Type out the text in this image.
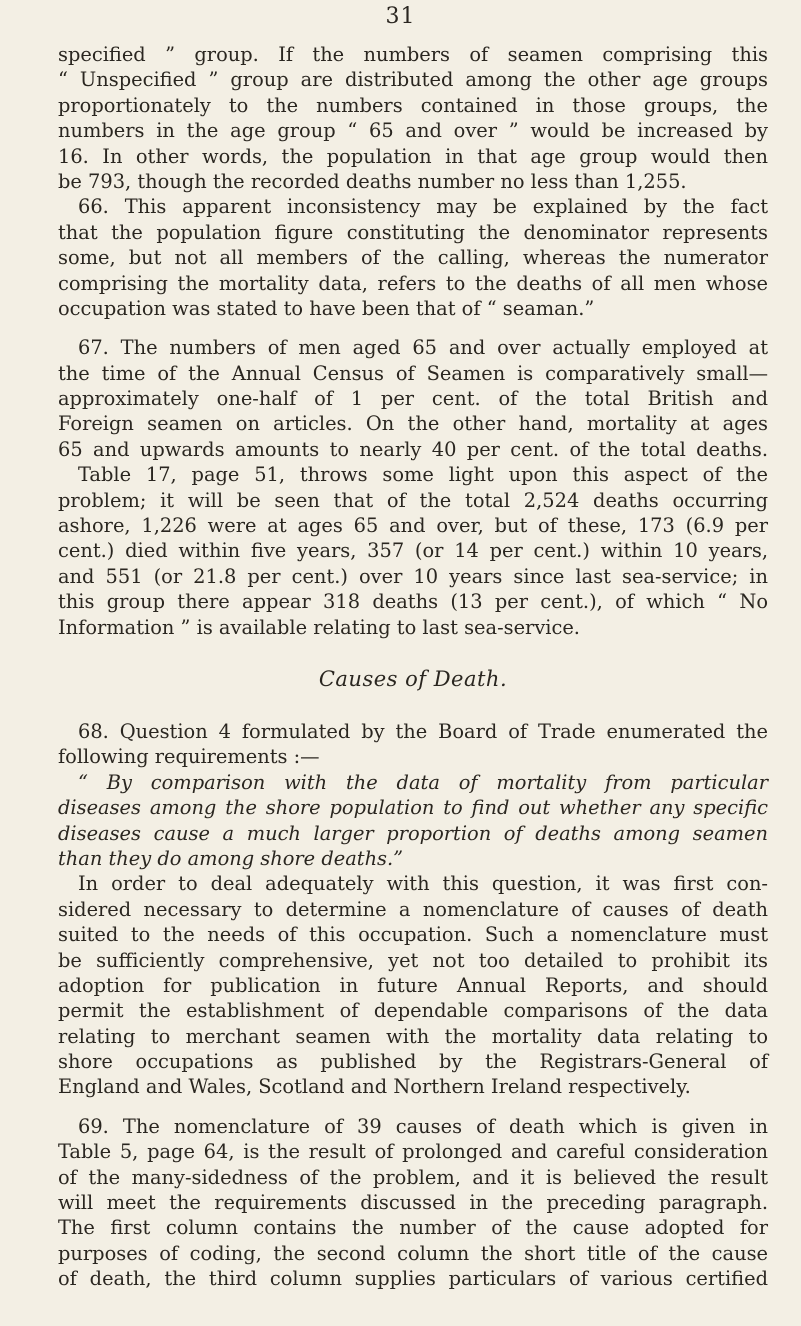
31
specified ” group. If the numbers of seamen comprising this
“ Unspecified ” group are distributed among the other age groups
proportionately to the numbers contained in those groups, the
numbers in the age group “ 65 and over ” would be increased by
16. In other words, the population in that age group would then
be 793, though the recorded deaths number no less than 1,255.
66. This apparent inconsistency may be explained by the fact
that the population figure constituting the denominator represents
some, but not all members of the calling, whereas the numerator
comprising the mortality data, refers to the deaths of all men whose
occupation was stated to have been that of “ seaman.”
67. The numbers of men aged 65 and over actually employed at
the time of the Annual Census of Seamen is comparatively small—
approximately one-half of 1 per cent. of the total British and
Foreign seamen on articles. On the other hand, mortality at ages
65 and upwards amounts to nearly 40 per cent. of the total deaths.
Table 17, page 51, throws some light upon this aspect of the
problem; it will be seen that of the total 2,524 deaths occurring
ashore, 1,226 were at ages 65 and over, but of these, 173 (6.9 per
cent.) died within five years, 357 (or 14 per cent.) within 10 years,
and 551 (or 21.8 per cent.) over 10 years since last sea-service; in
this group there appear 318 deaths (13 per cent.), of which “ No
Information ” is available relating to last sea-service.
Causes of Death.
68. Question 4 formulated by the Board of Trade enumerated the
following requirements :—
“ By comparison with the data of mortality from particular
diseases among the shore population to find out whether any specific
diseases cause a much larger proportion of deaths among seamen
than they do among shore deaths.”
In order to deal adequately with this question, it was first con-
sidered necessary to determine a nomenclature of causes of death
suited to the needs of this occupation. Such a nomenclature must
be sufficiently comprehensive, yet not too detailed to prohibit its
adoption for publication in future Annual Reports, and should
permit the establishment of dependable comparisons of the data
relating to merchant seamen with the mortality data relating to
shore occupations as published by the Registrars-General of
England and Wales, Scotland and Northern Ireland respectively.
69. The nomenclature of 39 causes of death which is given in
Table 5, page 64, is the result of prolonged and careful consideration
of the many-sidedness of the problem, and it is believed the result
will meet the requirements discussed in the preceding paragraph.
The first column contains the number of the cause adopted for
purposes of coding, the second column the short title of the cause
of death, the third column supplies particulars of various certified
